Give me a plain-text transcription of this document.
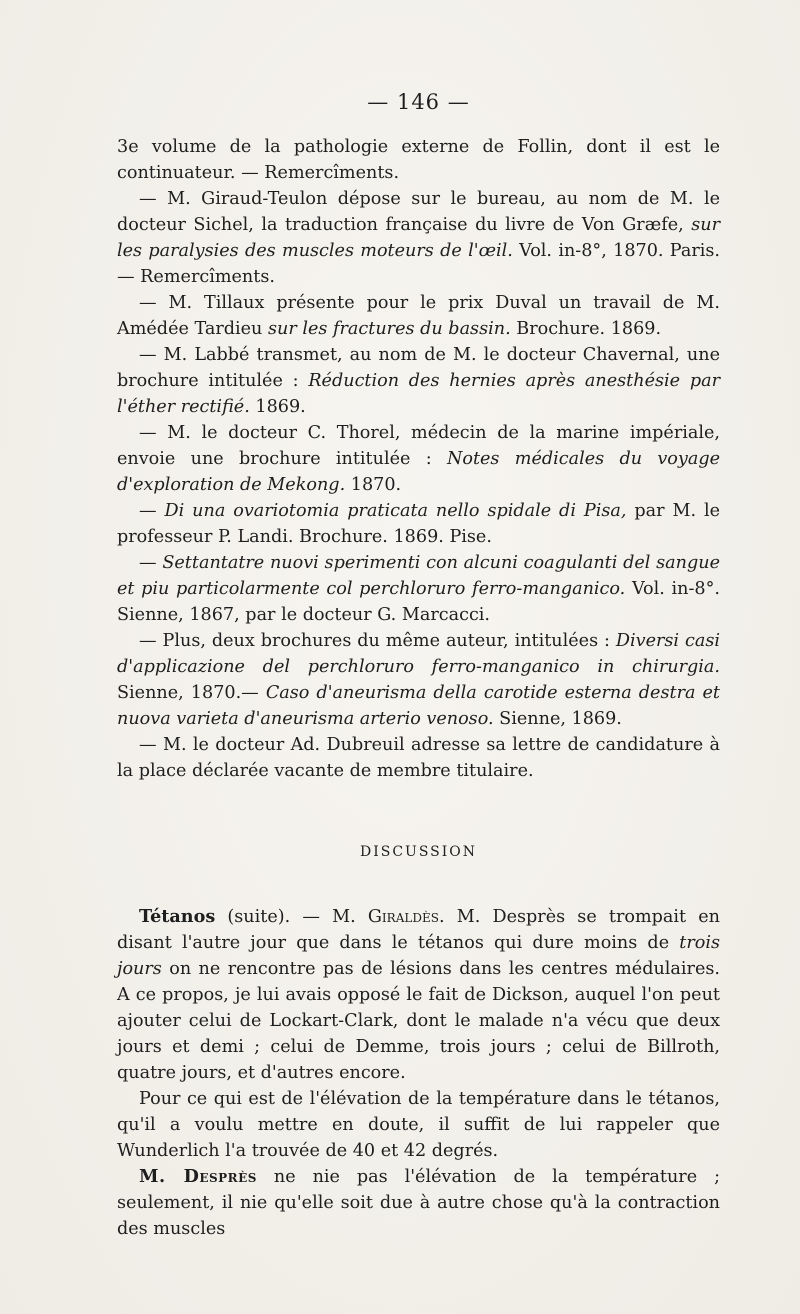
— 146 —

3e volume de la pathologie externe de Follin, dont il est le continuateur. — Remercîments.

— M. Giraud-Teulon dépose sur le bureau, au nom de M. le docteur Sichel, la traduction française du livre de Von Græfe, sur les paralysies des muscles moteurs de l'œil. Vol. in-8°, 1870. Paris.— Remercîments.

— M. Tillaux présente pour le prix Duval un travail de M. Amédée Tardieu sur les fractures du bassin. Brochure. 1869.

— M. Labbé transmet, au nom de M. le docteur Chavernal, une brochure intitulée : Réduction des hernies après anesthésie par l'éther rectifié. 1869.

— M. le docteur C. Thorel, médecin de la marine impériale, envoie une brochure intitulée : Notes médicales du voyage d'exploration de Mekong. 1870.

— Di una ovariotomia praticata nello spidale di Pisa, par M. le professeur P. Landi. Brochure. 1869. Pise.

— Settantatre nuovi sperimenti con alcuni coagulanti del sangue et piu particolarmente col perchloruro ferro-manganico. Vol. in-8°. Sienne, 1867, par le docteur G. Marcacci.

— Plus, deux brochures du même auteur, intitulées : Diversi casi d'applicazione del perchloruro ferro-manganico in chirurgia. Sienne, 1870.— Caso d'aneurisma della carotide esterna destra et nuova varieta d'aneurisma arterio venoso. Sienne, 1869.

— M. le docteur Ad. Dubreuil adresse sa lettre de candidature à la place déclarée vacante de membre titulaire.

DISCUSSION

Tétanos (suite). — M. Giraldès. M. Desprès se trompait en disant l'autre jour que dans le tétanos qui dure moins de trois jours on ne rencontre pas de lésions dans les centres médulaires. A ce propos, je lui avais opposé le fait de Dickson, auquel l'on peut ajouter celui de Lockart-Clark, dont le malade n'a vécu que deux jours et demi ; celui de Demme, trois jours ; celui de Billroth, quatre jours, et d'autres encore.

Pour ce qui est de l'élévation de la température dans le tétanos, qu'il a voulu mettre en doute, il suffit de lui rappeler que Wunderlich l'a trouvée de 40 et 42 degrés.

M. Desprès ne nie pas l'élévation de la température ; seulement, il nie qu'elle soit due à autre chose qu'à la contraction des muscles
